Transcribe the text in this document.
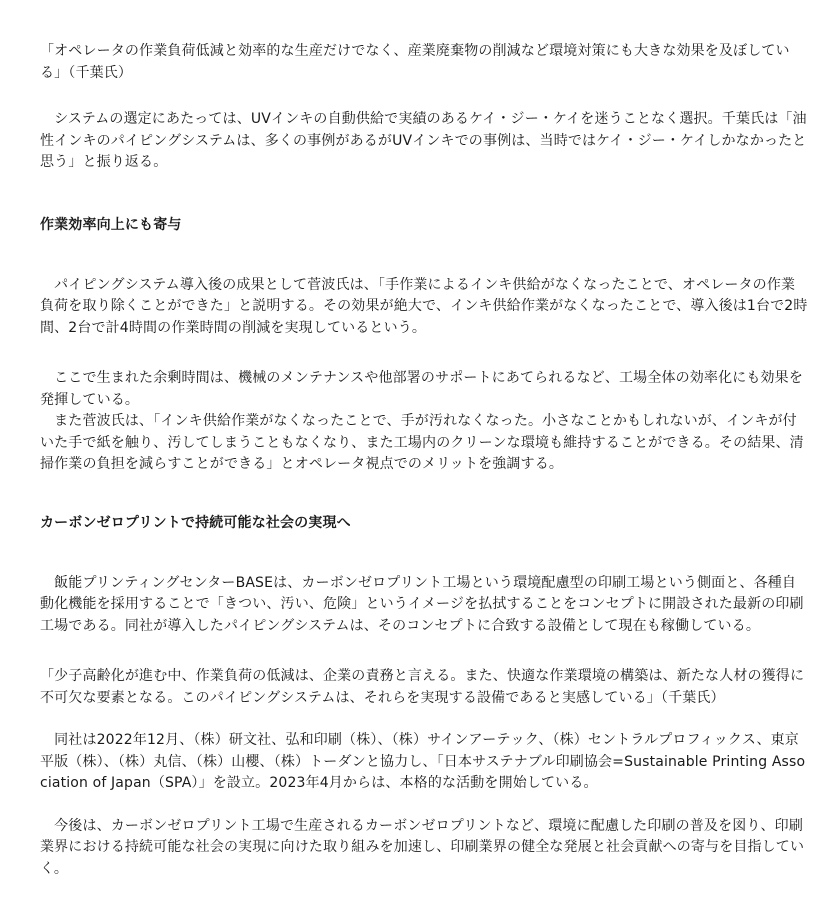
「オペレータの作業負荷低減と効率的な生産だけでなく、産業廃棄物の削減など環境対策にも大きな効果を及ぼしている」（千葉氏）

　システムの選定にあたっては、UVインキの自動供給で実績のあるケイ・ジー・ケイを迷うことなく選択。千葉氏は「油性インキのパイピングシステムは、多くの事例があるがUVインキでの事例は、当時ではケイ・ジー・ケイしかなかったと思う」と振り返る。

作業効率向上にも寄与

　パイピングシステム導入後の成果として菅波氏は、「手作業によるインキ供給がなくなったことで、オペレータの作業負荷を取り除くことができた」と説明する。その効果が絶大で、インキ供給作業がなくなったことで、導入後は1台で2時間、2台で計4時間の作業時間の削減を実現しているという。

　ここで生まれた余剰時間は、機械のメンテナンスや他部署のサポートにあてられるなど、工場全体の効率化にも効果を発揮している。

　また菅波氏は、「インキ供給作業がなくなったことで、手が汚れなくなった。小さなことかもしれないが、インキが付いた手で紙を触り、汚してしまうこともなくなり、また工場内のクリーンな環境も維持することができる。その結果、清掃作業の負担を減らすことができる」とオペレータ視点でのメリットを強調する。

カーボンゼロプリントで持続可能な社会の実現へ

　飯能プリンティングセンターBASEは、カーボンゼロプリント工場という環境配慮型の印刷工場という側面と、各種自動化機能を採用することで「きつい、汚い、危険」というイメージを払拭することをコンセプトに開設された最新の印刷工場である。同社が導入したパイピングシステムは、そのコンセプトに合致する設備として現在も稼働している。

「少子高齢化が進む中、作業負荷の低減は、企業の責務と言える。また、快適な作業環境の構築は、新たな人材の獲得に不可欠な要素となる。このパイピングシステムは、それらを実現する設備であると実感している」（千葉氏）

　同社は2022年12月、（株）研文社、弘和印刷（株）、（株）サインアーテック、（株）セントラルプロフィックス、東京平版（株）、（株）丸信、（株）山櫻、（株）トーダンと協力し、「日本サステナブル印刷協会=Sustainable Printing Association of Japan（SPA）」を設立。2023年4月からは、本格的な活動を開始している。

　今後は、カーボンゼロプリント工場で生産されるカーボンゼロプリントなど、環境に配慮した印刷の普及を図り、印刷業界における持続可能な社会の実現に向けた取り組みを加速し、印刷業界の健全な発展と社会貢献への寄与を目指していく。
